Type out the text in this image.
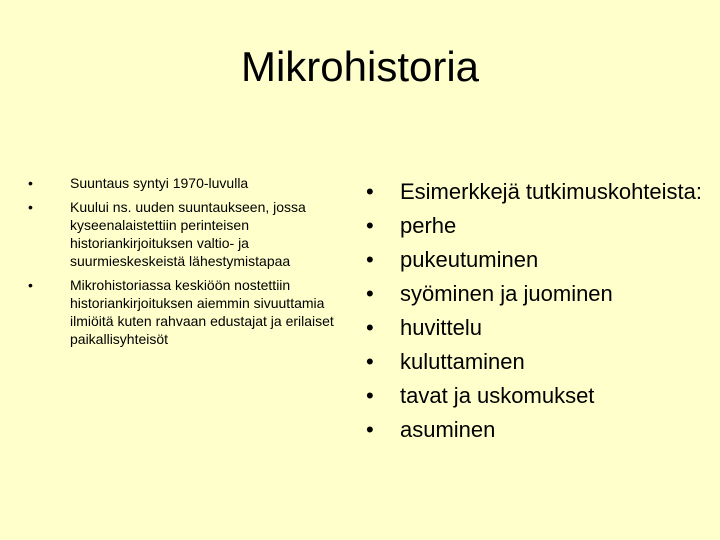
Mikrohistoria
•	Suuntaus syntyi 1970-luvulla
•	Kuului ns. uuden suuntaukseen, jossa kyseenalaistettiin perinteisen historiankirjoituksen valtio- ja suurmieskeskeistä lähestymistapaa
•	Mikrohistoriassa keskiöön nostettiin historiankirjoituksen aiemmin sivuuttamia ilmiöitä kuten rahvaan edustajat ja erilaiset paikallisyhteisöt
•	Esimerkkejä tutkimuskohteista:
•	perhe
•	pukeutuminen
•	syöminen ja juominen
•	huvittelu
•	kuluttaminen
•	tavat ja uskomukset
•	asuminen
